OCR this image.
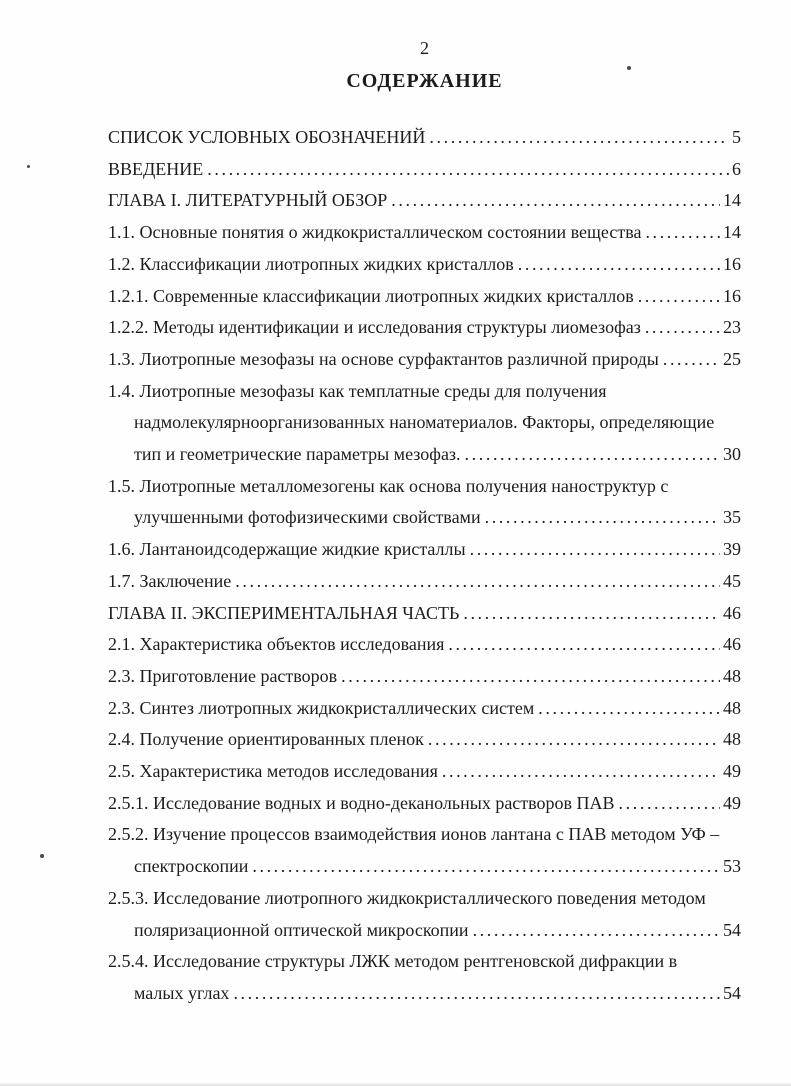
2
СОДЕРЖАНИЕ
СПИСОК УСЛОВНЫХ ОБОЗНАЧЕНИЙ .....	5
ВВЕДЕНИЕ .....	6
ГЛАВА I. ЛИТЕРАТУРНЫЙ ОБЗОР .....	14
1.1. Основные понятия о жидкокристаллическом состоянии вещества .....	14
1.2. Классификации лиотропных жидких кристаллов .....	16
1.2.1. Современные классификации лиотропных жидких кристаллов .....	16
1.2.2. Методы идентификации и исследования структуры лиомезофаз .....	23
1.3. Лиотропные мезофазы на основе сурфактантов различной природы .....	25
1.4. Лиотропные мезофазы как темплатные среды для получения
надмолекулярноорганизованных наноматериалов. Факторы, определяющие
тип и геометрические параметры мезофаз. .....	30
1.5. Лиотропные металломезогены как основа получения наноструктур с
улучшенными фотофизическими свойствами .....	35
1.6. Лантаноидсодержащие жидкие кристаллы .....	39
1.7. Заключение .....	45
ГЛАВА II. ЭКСПЕРИМЕНТАЛЬНАЯ ЧАСТЬ .....	46
2.1. Характеристика объектов исследования .....	46
2.3. Приготовление растворов .....	48
2.3. Синтез лиотропных жидкокристаллических систем .....	48
2.4. Получение ориентированных пленок .....	48
2.5. Характеристика методов исследования .....	49
2.5.1. Исследование водных и водно-деканольных растворов ПАВ .....	49
2.5.2. Изучение процессов взаимодействия ионов лантана с ПАВ методом УФ –
спектроскопии .....	53
2.5.3. Исследование лиотропного жидкокристаллического поведения методом
поляризационной оптической микроскопии .....	54
2.5.4. Исследование структуры ЛЖК методом рентгеновской дифракции в
малых углах .....	54
